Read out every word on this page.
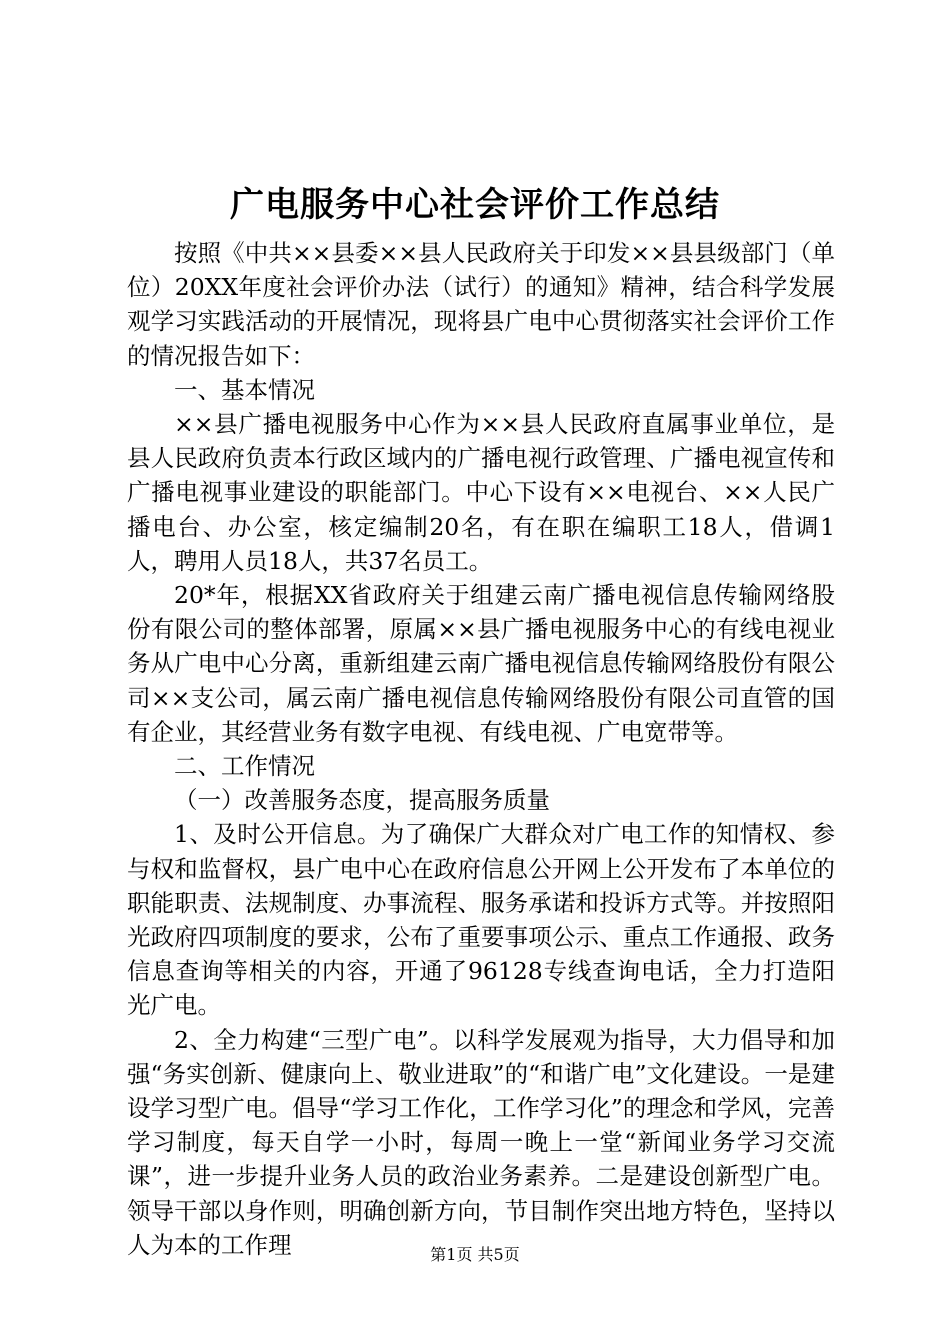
广电服务中心社会评价工作总结

按照《中共××县委××县人民政府关于印发××县县级部门（单位）20XX年度社会评价办法（试行）的通知》精神，结合科学发展观学习实践活动的开展情况，现将县广电中心贯彻落实社会评价工作的情况报告如下：

一、基本情况

××县广播电视服务中心作为××县人民政府直属事业单位，是县人民政府负责本行政区域内的广播电视行政管理、广播电视宣传和广播电视事业建设的职能部门。中心下设有××电视台、××人民广播电台、办公室，核定编制20名，有在职在编职工18人，借调1人，聘用人员18人，共37名员工。

20*年，根据XX省政府关于组建云南广播电视信息传输网络股份有限公司的整体部署，原属××县广播电视服务中心的有线电视业务从广电中心分离，重新组建云南广播电视信息传输网络股份有限公司××支公司，属云南广播电视信息传输网络股份有限公司直管的国有企业，其经营业务有数字电视、有线电视、广电宽带等。

二、工作情况

（一）改善服务态度，提高服务质量

1、及时公开信息。为了确保广大群众对广电工作的知情权、参与权和监督权，县广电中心在政府信息公开网上公开发布了本单位的职能职责、法规制度、办事流程、服务承诺和投诉方式等。并按照阳光政府四项制度的要求，公布了重要事项公示、重点工作通报、政务信息查询等相关的内容，开通了96128专线查询电话，全力打造阳光广电。

2、全力构建“三型广电”。以科学发展观为指导，大力倡导和加强“务实创新、健康向上、敬业进取”的“和谐广电”文化建设。一是建设学习型广电。倡导“学习工作化，工作学习化”的理念和学风，完善学习制度，每天自学一小时，每周一晚上一堂“新闻业务学习交流课”，进一步提升业务人员的政治业务素养。二是建设创新型广电。领导干部以身作则，明确创新方向，节目制作突出地方特色，坚持以人为本的工作理	第1页 共5页
